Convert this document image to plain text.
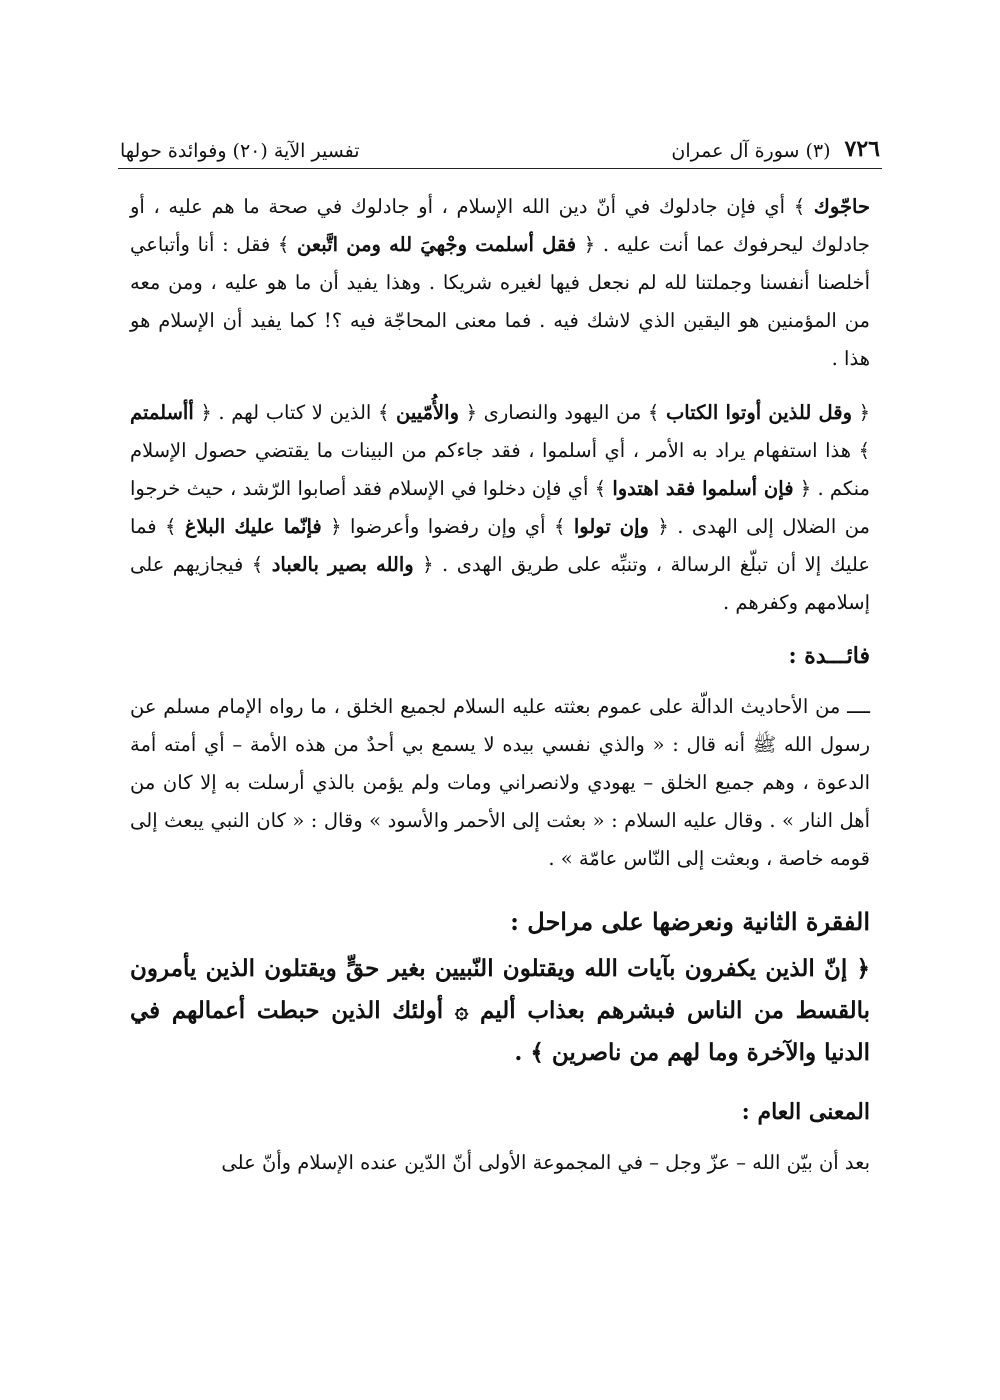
٧٢٦
(٣) سورة آل عمران
تفسير الآية (٢٠) وفوائدة حولها

حاجّوك ﴾ أي فإن جادلوك في أنّ دين الله الإسلام ، أو جادلوك في صحة ما هم عليه ، أو جادلوك ليحرفوك عما أنت عليه . ﴿ فقل أسلمت وجْهيَ لله ومن اتَّبعن ﴾ فقل : أنا وأتباعي أخلصنا أنفسنا وجملتنا لله لم نجعل فيها لغيره شريكا . وهذا يفيد أن ما هو عليه ، ومن معه من المؤمنين هو اليقين الذي لاشك فيه . فما معنى المحاجّة فيه ؟! كما يفيد أن الإسلام هو هذا .

﴿ وقل للذين أوتوا الكتاب ﴾ من اليهود والنصارى ﴿ والأُمّيين ﴾ الذين لا كتاب لهم . ﴿ أأسلمتم ﴾ هذا استفهام يراد به الأمر ، أي أسلموا ، فقد جاءكم من البينات ما يقتضي حصول الإسلام منكم . ﴿ فإن أسلموا فقد اهتدوا ﴾ أي فإن دخلوا في الإسلام فقد أصابوا الرّشد ، حيث خرجوا من الضلال إلى الهدى . ﴿ وإن تولوا ﴾ أي وإن رفضوا وأعرضوا ﴿ فإنّما عليك البلاغ ﴾ فما عليك إلا أن تبلّغ الرسالة ، وتنبِّه على طريق الهدى . ﴿ والله بصير بالعباد ﴾ فيجازيهم على إسلامهم وكفرهم .

فائـــدة :

ــــ من الأحاديث الدالّة على عموم بعثته عليه السلام لجميع الخلق ، ما رواه الإمام مسلم عن رسول الله ﷺ أنه قال : « والذي نفسي بيده لا يسمع بي أحدٌ من هذه الأمة – أي أمته أمة الدعوة ، وهم جميع الخلق – يهودي ولانصراني ومات ولم يؤمن بالذي أرسلت به إلا كان من أهل النار » . وقال عليه السلام : « بعثت إلى الأحمر والأسود » وقال : « كان النبي يبعث إلى قومه خاصة ، وبعثت إلى النّاس عامّة » .

الفقرة الثانية ونعرضها على مراحل :

﴿ إنّ الذين يكفرون بآيات الله ويقتلون النّبيين بغير حقٍّ ويقتلون الذين يأمرون بالقسط من الناس فبشرهم بعذاب أليم ۞ أولئك الذين حبطت أعمالهم في الدنيا والآخرة وما لهم من ناصرين ﴾ .

المعنى العام :

بعد أن بيّن الله – عزّ وجل – في المجموعة الأولى أنّ الدّين عنده الإسلام وأنّ على
